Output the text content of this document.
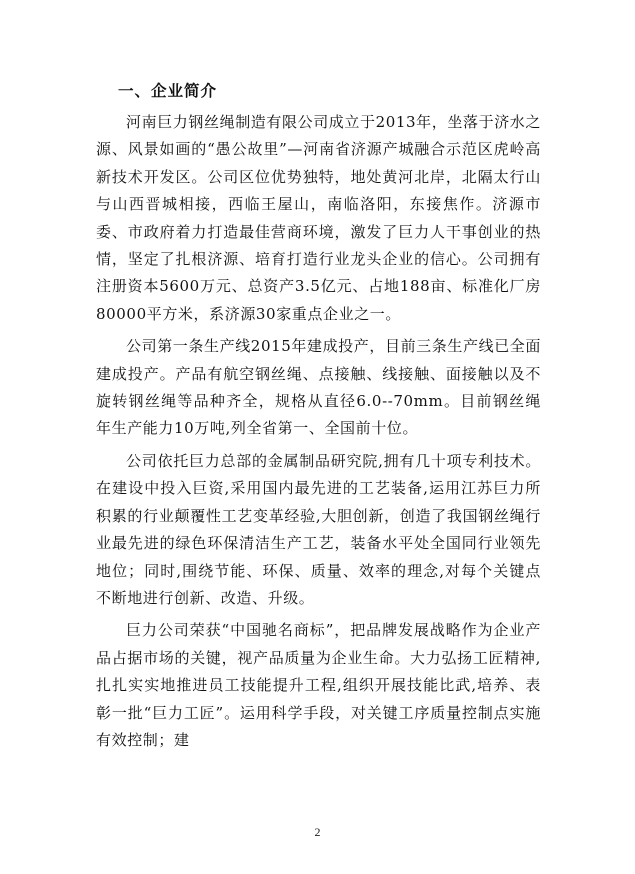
一、企业简介

河南巨力钢丝绳制造有限公司成立于2013年，坐落于济水之源、风景如画的“愚公故里”—河南省济源产城融合示范区虎岭高新技术开发区。公司区位优势独特，地处黄河北岸，北隔太行山与山西晋城相接，西临王屋山，南临洛阳，东接焦作。济源市委、市政府着力打造最佳营商环境，激发了巨力人干事创业的热情，坚定了扎根济源、培育打造行业龙头企业的信心。公司拥有注册资本5600万元、总资产3.5亿元、占地188亩、标准化厂房80000平方米，系济源30家重点企业之一。

公司第一条生产线2015年建成投产，目前三条生产线已全面建成投产。产品有航空钢丝绳、点接触、线接触、面接触以及不旋转钢丝绳等品种齐全，规格从直径6.0--70mm。目前钢丝绳年生产能力10万吨,列全省第一、全国前十位。

公司依托巨力总部的金属制品研究院,拥有几十项专利技术。在建设中投入巨资,采用国内最先进的工艺装备,运用江苏巨力所积累的行业颠覆性工艺变革经验,大胆创新，创造了我国钢丝绳行业最先进的绿色环保清洁生产工艺，装备水平处全国同行业领先地位；同时,围绕节能、环保、质量、效率的理念,对每个关键点不断地进行创新、改造、升级。

巨力公司荣获“中国驰名商标”，把品牌发展战略作为企业产品占据市场的关键，视产品质量为企业生命。大力弘扬工匠精神,扎扎实实地推进员工技能提升工程,组织开展技能比武,培养、表彰一批“巨力工匠”。运用科学手段，对关键工序质量控制点实施有效控制；建

2
